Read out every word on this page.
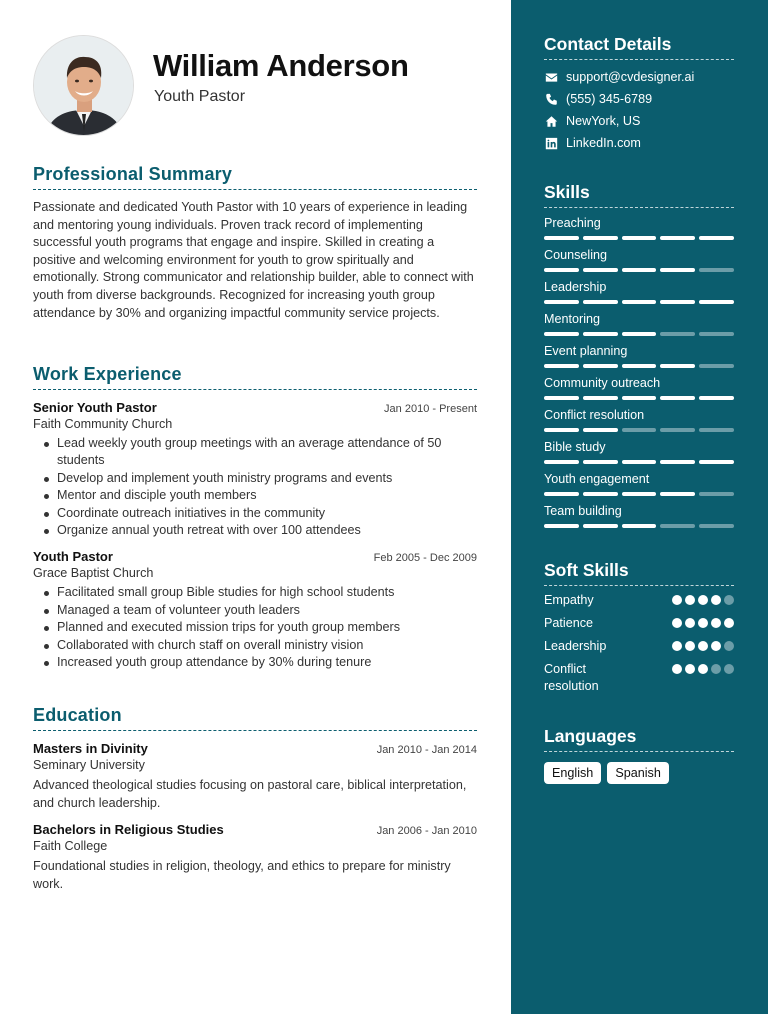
William Anderson
Youth Pastor
Professional Summary
Passionate and dedicated Youth Pastor with 10 years of experience in leading and mentoring young individuals. Proven track record of implementing successful youth programs that engage and inspire. Skilled in creating a positive and welcoming environment for youth to grow spiritually and emotionally. Strong communicator and relationship builder, able to connect with youth from diverse backgrounds. Recognized for increasing youth group attendance by 30% and organizing impactful community service projects.
Work Experience
Senior Youth Pastor	Jan 2010 - Present
Faith Community Church
Lead weekly youth group meetings with an average attendance of 50 students
Develop and implement youth ministry programs and events
Mentor and disciple youth members
Coordinate outreach initiatives in the community
Organize annual youth retreat with over 100 attendees
Youth Pastor	Feb 2005 - Dec 2009
Grace Baptist Church
Facilitated small group Bible studies for high school students
Managed a team of volunteer youth leaders
Planned and executed mission trips for youth group members
Collaborated with church staff on overall ministry vision
Increased youth group attendance by 30% during tenure
Education
Masters in Divinity	Jan 2010 - Jan 2014
Seminary University
Advanced theological studies focusing on pastoral care, biblical interpretation, and church leadership.
Bachelors in Religious Studies	Jan 2006 - Jan 2010
Faith College
Foundational studies in religion, theology, and ethics to prepare for ministry work.
Contact Details
support@cvdesigner.ai
(555) 345-6789
NewYork, US
LinkedIn.com
Skills
Preaching
Counseling
Leadership
Mentoring
Event planning
Community outreach
Conflict resolution
Bible study
Youth engagement
Team building
Soft Skills
Empathy
Patience
Leadership
Conflict resolution
Languages
English	Spanish
